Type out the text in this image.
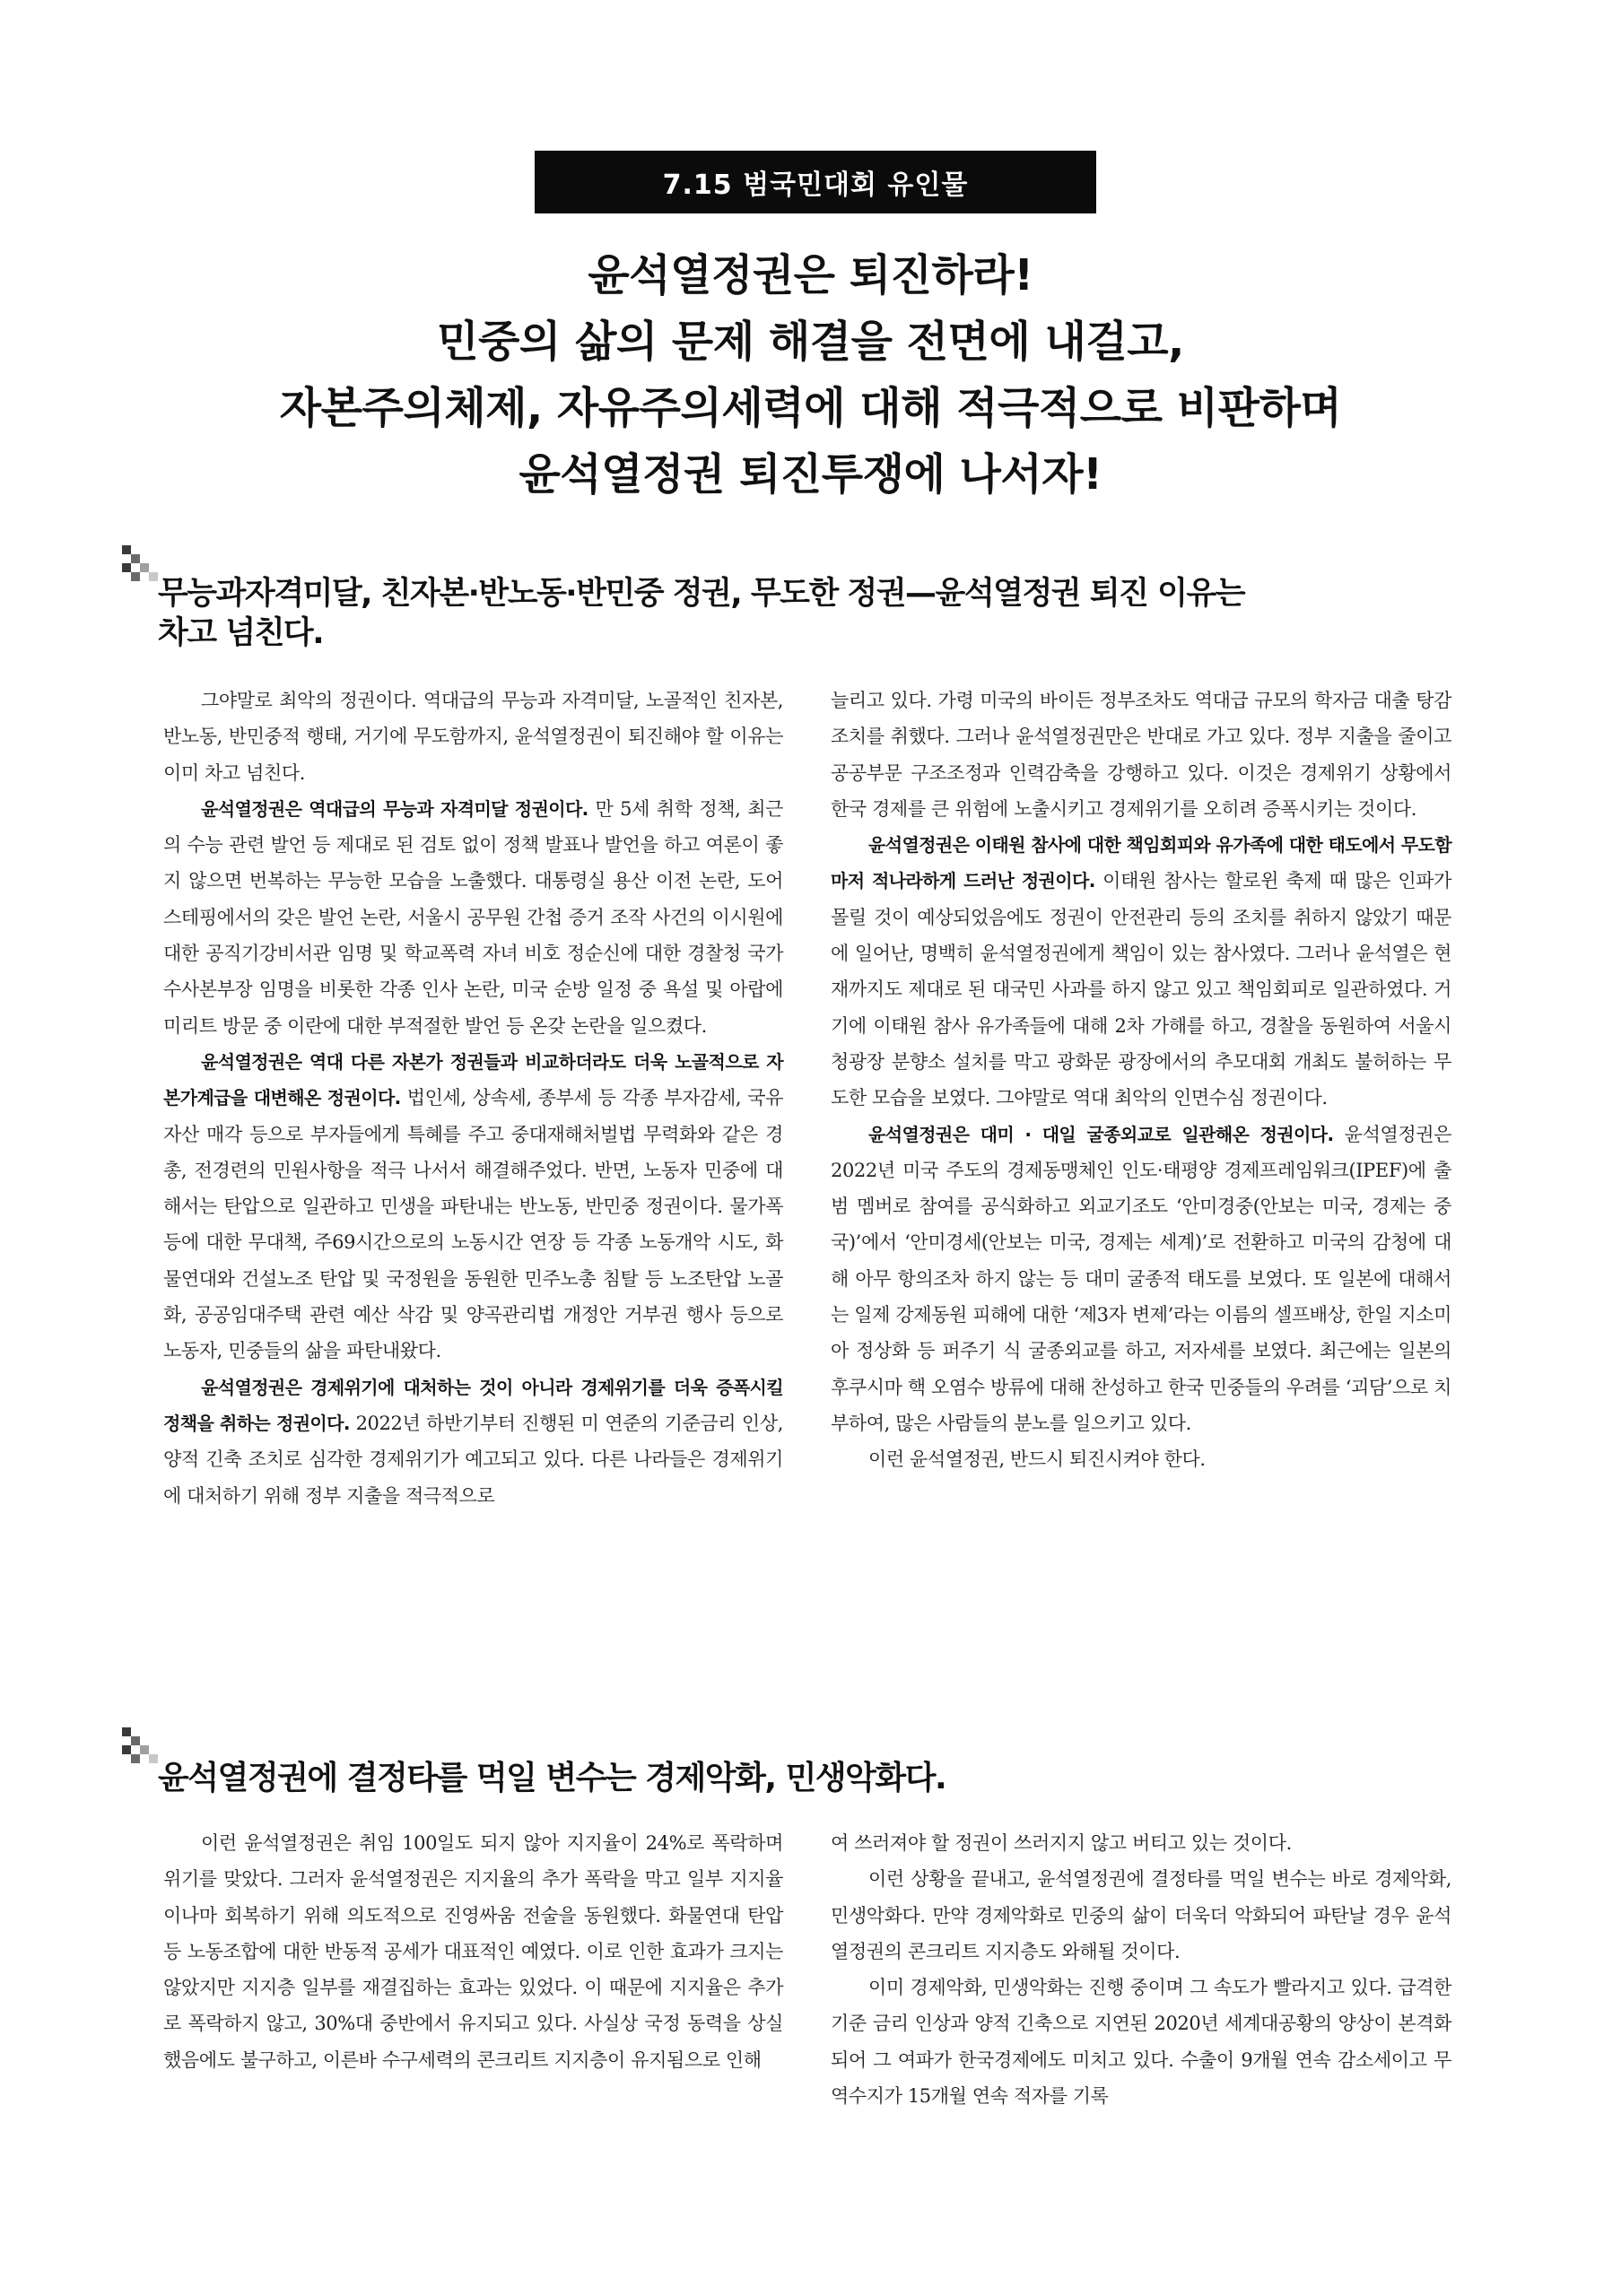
7.15 범국민대회 유인물
윤석열정권은 퇴진하라!
민중의 삶의 문제 해결을 전면에 내걸고,
자본주의체제, 자유주의세력에 대해 적극적으로 비판하며
윤석열정권 퇴진투쟁에 나서자!
무능과자격미달, 친자본·반노동·반민중 정권, 무도한 정권—윤석열정권 퇴진 이유는
차고 넘친다.

그야말로 최악의 정권이다. 역대급의 무능과 자격미달, 노골적인 친자본, 반노동, 반민중적 행태, 거기에 무도함까지, 윤석열정권이 퇴진해야 할 이유는 이미 차고 넘친다.

윤석열정권은 역대급의 무능과 자격미달 정권이다. 만 5세 취학 정책, 최근의 수능 관련 발언 등 제대로 된 검토 없이 정책 발표나 발언을 하고 여론이 좋지 않으면 번복하는 무능한 모습을 노출했다. 대통령실 용산 이전 논란, 도어스테핑에서의 갖은 발언 논란, 서울시 공무원 간첩 증거 조작 사건의 이시원에 대한 공직기강비서관 임명 및 학교폭력 자녀 비호 정순신에 대한 경찰청 국가수사본부장 임명을 비롯한 각종 인사 논란, 미국 순방 일정 중 욕설 및 아랍에미리트 방문 중 이란에 대한 부적절한 발언 등 온갖 논란을 일으켰다.

윤석열정권은 역대 다른 자본가 정권들과 비교하더라도 더욱 노골적으로 자본가계급을 대변해온 정권이다. 법인세, 상속세, 종부세 등 각종 부자감세, 국유자산 매각 등으로 부자들에게 특혜를 주고 중대재해처벌법 무력화와 같은 경총, 전경련의 민원사항을 적극 나서서 해결해주었다. 반면, 노동자 민중에 대해서는 탄압으로 일관하고 민생을 파탄내는 반노동, 반민중 정권이다. 물가폭등에 대한 무대책, 주69시간으로의 노동시간 연장 등 각종 노동개악 시도, 화물연대와 건설노조 탄압 및 국정원을 동원한 민주노총 침탈 등 노조탄압 노골화, 공공임대주택 관련 예산 삭감 및 양곡관리법 개정안 거부권 행사 등으로 노동자, 민중들의 삶을 파탄내왔다.

윤석열정권은 경제위기에 대처하는 것이 아니라 경제위기를 더욱 증폭시킬 정책을 취하는 정권이다. 2022년 하반기부터 진행된 미 연준의 기준금리 인상, 양적 긴축 조치로 심각한 경제위기가 예고되고 있다. 다른 나라들은 경제위기에 대처하기 위해 정부 지출을 적극적으로

늘리고 있다. 가령 미국의 바이든 정부조차도 역대급 규모의 학자금 대출 탕감 조치를 취했다. 그러나 윤석열정권만은 반대로 가고 있다. 정부 지출을 줄이고 공공부문 구조조정과 인력감축을 강행하고 있다. 이것은 경제위기 상황에서 한국 경제를 큰 위험에 노출시키고 경제위기를 오히려 증폭시키는 것이다.

윤석열정권은 이태원 참사에 대한 책임회피와 유가족에 대한 태도에서 무도함마저 적나라하게 드러난 정권이다. 이태원 참사는 할로윈 축제 때 많은 인파가 몰릴 것이 예상되었음에도 정권이 안전관리 등의 조치를 취하지 않았기 때문에 일어난, 명백히 윤석열정권에게 책임이 있는 참사였다. 그러나 윤석열은 현재까지도 제대로 된 대국민 사과를 하지 않고 있고 책임회피로 일관하였다. 거기에 이태원 참사 유가족들에 대해 2차 가해를 하고, 경찰을 동원하여 서울시청광장 분향소 설치를 막고 광화문 광장에서의 추모대회 개최도 불허하는 무도한 모습을 보였다. 그야말로 역대 최악의 인면수심 정권이다.

윤석열정권은 대미 · 대일 굴종외교로 일관해온 정권이다. 윤석열정권은 2022년 미국 주도의 경제동맹체인 인도·태평양 경제프레임워크(IPEF)에 출범 멤버로 참여를 공식화하고 외교기조도 ‘안미경중(안보는 미국, 경제는 중국)’에서 ‘안미경세(안보는 미국, 경제는 세계)’로 전환하고 미국의 감청에 대해 아무 항의조차 하지 않는 등 대미 굴종적 태도를 보였다. 또 일본에 대해서는 일제 강제동원 피해에 대한 ‘제3자 변제’라는 이름의 셀프배상, 한일 지소미아 정상화 등 퍼주기 식 굴종외교를 하고, 저자세를 보였다. 최근에는 일본의 후쿠시마 핵 오염수 방류에 대해 찬성하고 한국 민중들의 우려를 ‘괴담’으로 치부하여, 많은 사람들의 분노를 일으키고 있다.

이런 윤석열정권, 반드시 퇴진시켜야 한다.

윤석열정권에 결정타를 먹일 변수는 경제악화, 민생악화다.

이런 윤석열정권은 취임 100일도 되지 않아 지지율이 24%로 폭락하며 위기를 맞았다. 그러자 윤석열정권은 지지율의 추가 폭락을 막고 일부 지지율이나마 회복하기 위해 의도적으로 진영싸움 전술을 동원했다. 화물연대 탄압 등 노동조합에 대한 반동적 공세가 대표적인 예였다. 이로 인한 효과가 크지는 않았지만 지지층 일부를 재결집하는 효과는 있었다. 이 때문에 지지율은 추가로 폭락하지 않고, 30%대 중반에서 유지되고 있다. 사실상 국정 동력을 상실했음에도 불구하고, 이른바 수구세력의 콘크리트 지지층이 유지됨으로 인해

여 쓰러져야 할 정권이 쓰러지지 않고 버티고 있는 것이다.

이런 상황을 끝내고, 윤석열정권에 결정타를 먹일 변수는 바로 경제악화, 민생악화다. 만약 경제악화로 민중의 삶이 더욱더 악화되어 파탄날 경우 윤석열정권의 콘크리트 지지층도 와해될 것이다.

이미 경제악화, 민생악화는 진행 중이며 그 속도가 빨라지고 있다. 급격한 기준 금리 인상과 양적 긴축으로 지연된 2020년 세계대공황의 양상이 본격화되어 그 여파가 한국경제에도 미치고 있다. 수출이 9개월 연속 감소세이고 무역수지가 15개월 연속 적자를 기록
